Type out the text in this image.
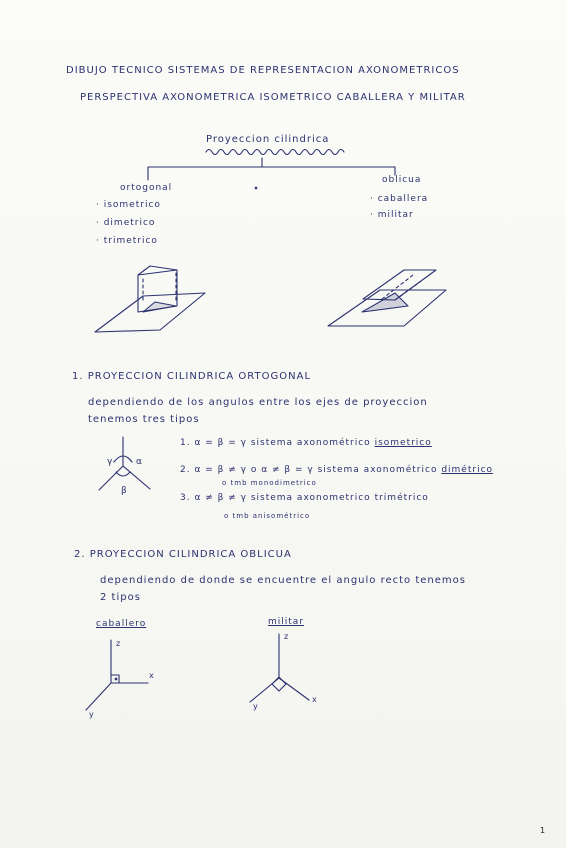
DIBUJO TECNICO SISTEMAS DE REPRESENTACION AXONOMETRICOS
PERSPECTIVA AXONOMETRICA ISOMETRICO CABALLERA Y MILITAR
Proyeccion cilindrica
ortogonal
· isometrico
· dimetrico
· trimetrico
oblicua
· caballera
· militar
1. PROYECCION CILINDRICA ORTOGONAL
dependiendo de los angulos entre los ejes de proyeccion
tenemos tres tipos
1. α = β = γ sistema axonométrico isometrico
2. α = β ≠ γ o α ≠ β = γ sistema axonométrico dimétrico
o tmb monodimetrico
3. α ≠ β ≠ γ sistema axonometrico trimétrico
o tmb anisométrico
2. PROYECCION CILINDRICA OBLICUA
dependiendo de donde se encuentre el angulo recto tenemos
2 tipos
caballero	militar
z
x
y
z
x
y
γ	α
β
1
